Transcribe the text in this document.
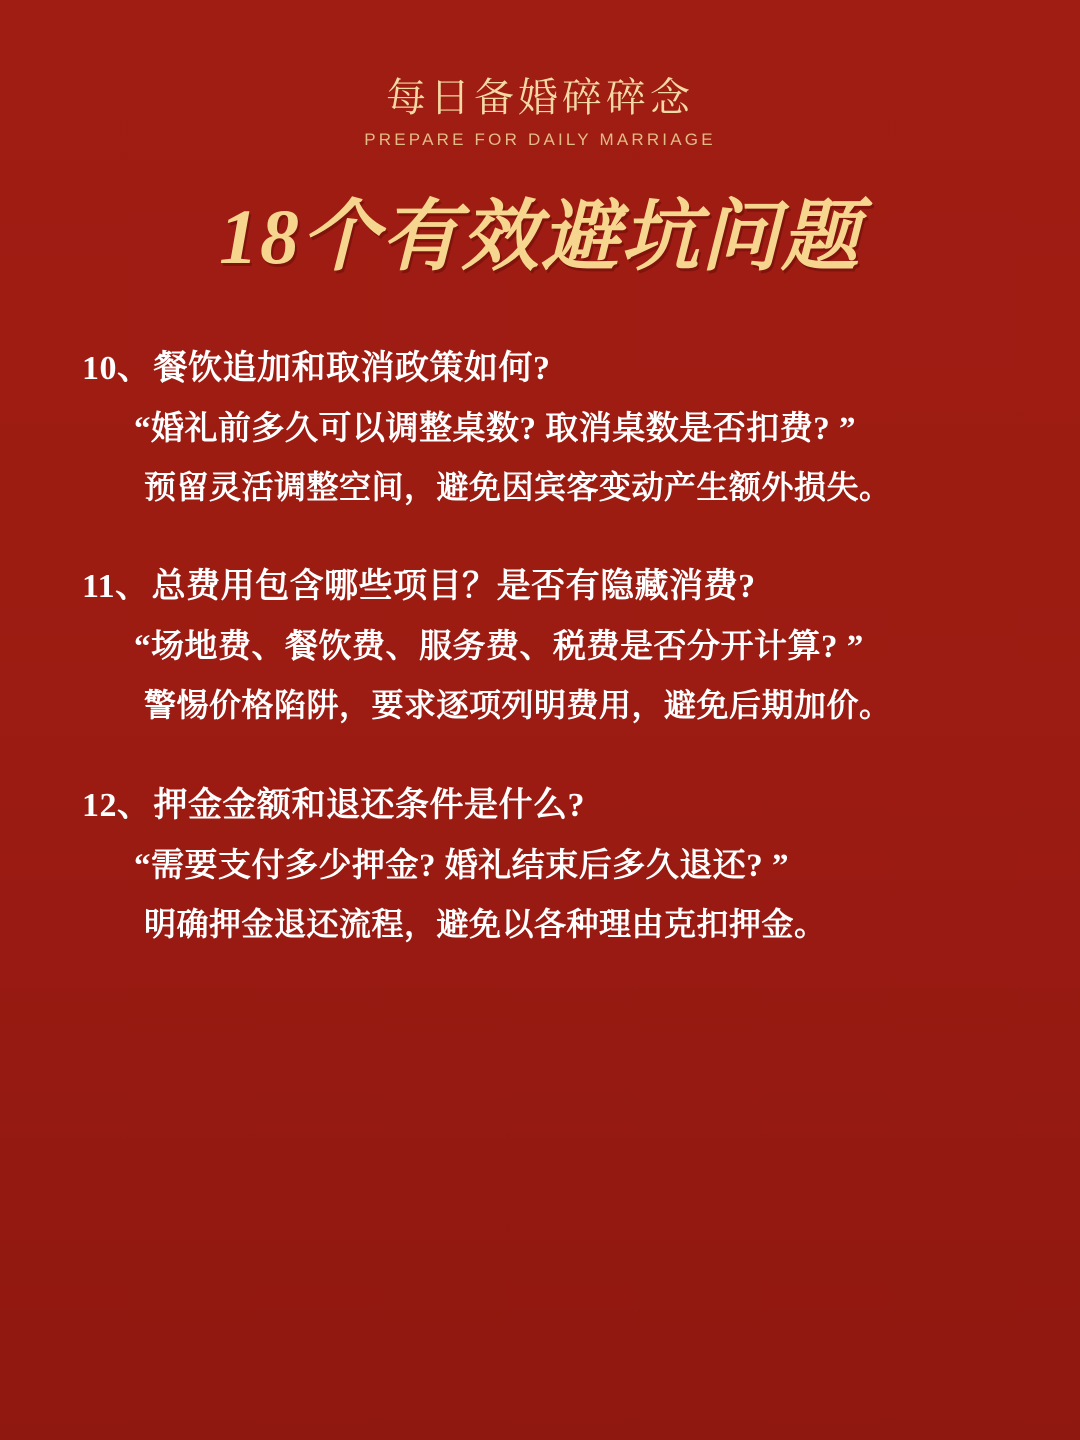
每日备婚碎碎念
PREPARE FOR DAILY MARRIAGE
18个有效避坑问题
10、 餐饮追加和取消政策如何?
“婚礼前多久可以调整桌数? 取消桌数是否扣费? ”
预留灵活调整空间，避免因宾客变动产生额外损失。
11、 总费用包含哪些项目？是否有隐藏消费?
“场地费、餐饮费、服务费、税费是否分开计算? ”
警惕价格陷阱，要求逐项列明费用，避免后期加价。
12、 押金金额和退还条件是什么?
“需要支付多少押金? 婚礼结束后多久退还? ”
明确押金退还流程，避免以各种理由克扣押金。
